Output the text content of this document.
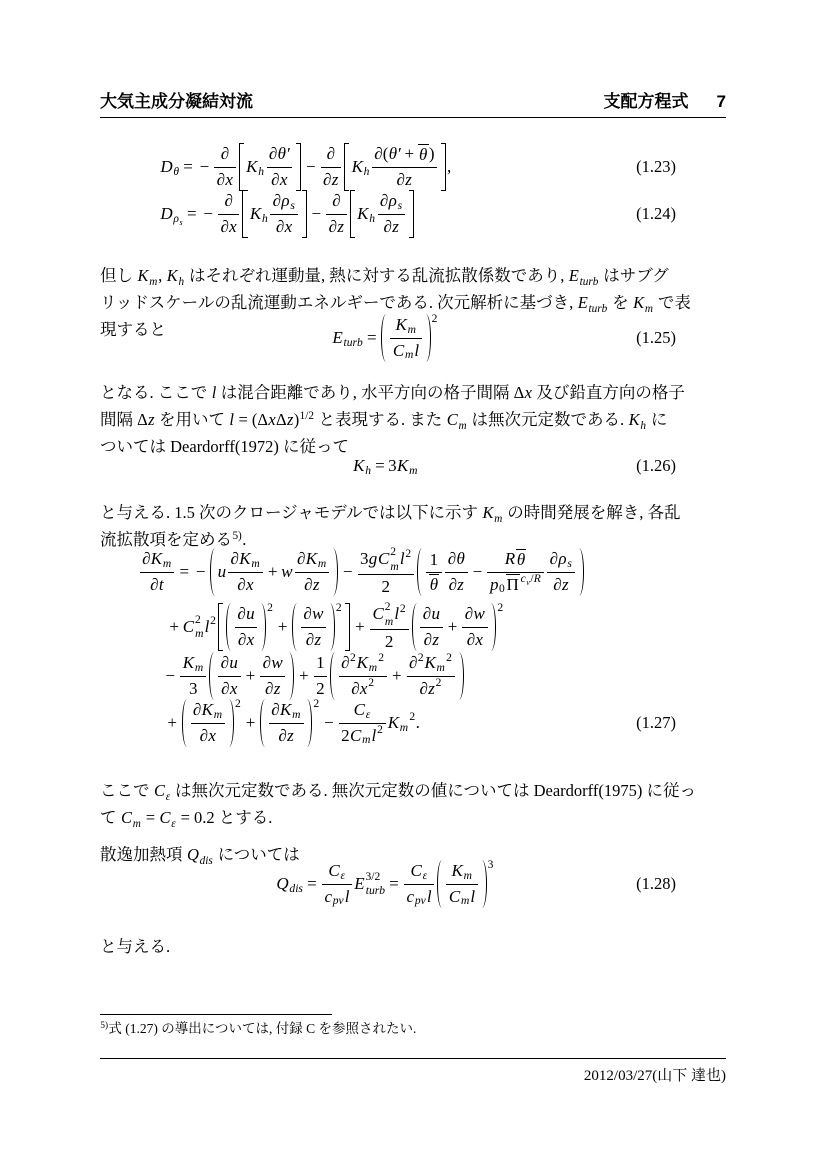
大気主成分凝結対流	支配方程式 7
D θ = −
∂
∂ x
K h
∂ θ′
∂ x
−
∂
∂ z
K h
∂( θ′ + θ )
∂ z
,	(1.23)
D $\rho_s$ = −
∂
∂ x
K h
∂ ρ s
∂ x
−
∂
∂ z
K h
∂ ρ s
∂ z
(1.24)

但し $K_m$, $K_h$ はそれぞれ運動量, 熱に対する乱流拡散係数であり, $E_{turb}$ はサブグ
リッドスケールの乱流運動エネルギーである. 次元解析に基づき, $E_{turb}$ を $K_m$ で表
現すると	E turb =
K m
C m l
2
(1.25)

となる. ここで l は混合距離であり, 水平方向の格子間隔 Δx 及び鉛直方向の格子
間隔 Δz を用いて $l = (\Delta x\Delta z)^{1/2}$ と表現する. また $C_m$ は無次元定数である. $K_h$ に
ついては Deardorff(1972) に従って

K h = 3 K m	(1.26)

と与える. 1.5 次のクロージャモデルでは以下に示す $K_m$ の時間発展を解き, 各乱
流拡散項を定める$^{5)}$.

∂ K m
∂ t
= − u
∂ K m
∂ x
+ w
∂ K m
∂ z
−
3 g C 2
m l 2
2
1
θ
∂ θ
∂ z
−
R θ
p 0 Π $c_v/R$
∂ ρ s
∂ z
+ C 2
m l 2 ∂ u
∂ x
2
+
∂ w
∂ z
2
+
C 2
m l 2
2
∂ u
∂ z
+
∂ w
∂ x
2
−
K m
3
∂ u
∂ x
+
∂ w
∂ z
+
1
2
∂ 2 K m
2
∂ x 2 +
∂ 2 K m
2
∂ z 2
+
∂ K m
∂ x
2
+
∂ K m
∂ z
2
−
C ε
2 C m l 2 K m
2 .	(1.27)

ここで $C_\varepsilon$ は無次元定数である. 無次元定数の値については Deardorff(1975) に従っ
て $C_m = C_\varepsilon = 0.2$ とする.

散逸加熱項 $Q_{dis}$ については

Q dis =
C ε
c pv l
E 3/2
turb =
C ε
c pv l
K m
C m l
3
(1.28)

と与える.

$^{5)}$式 (1.27) の導出については, 付録 C を参照されたい.
2012/03/27(山下 達也)
